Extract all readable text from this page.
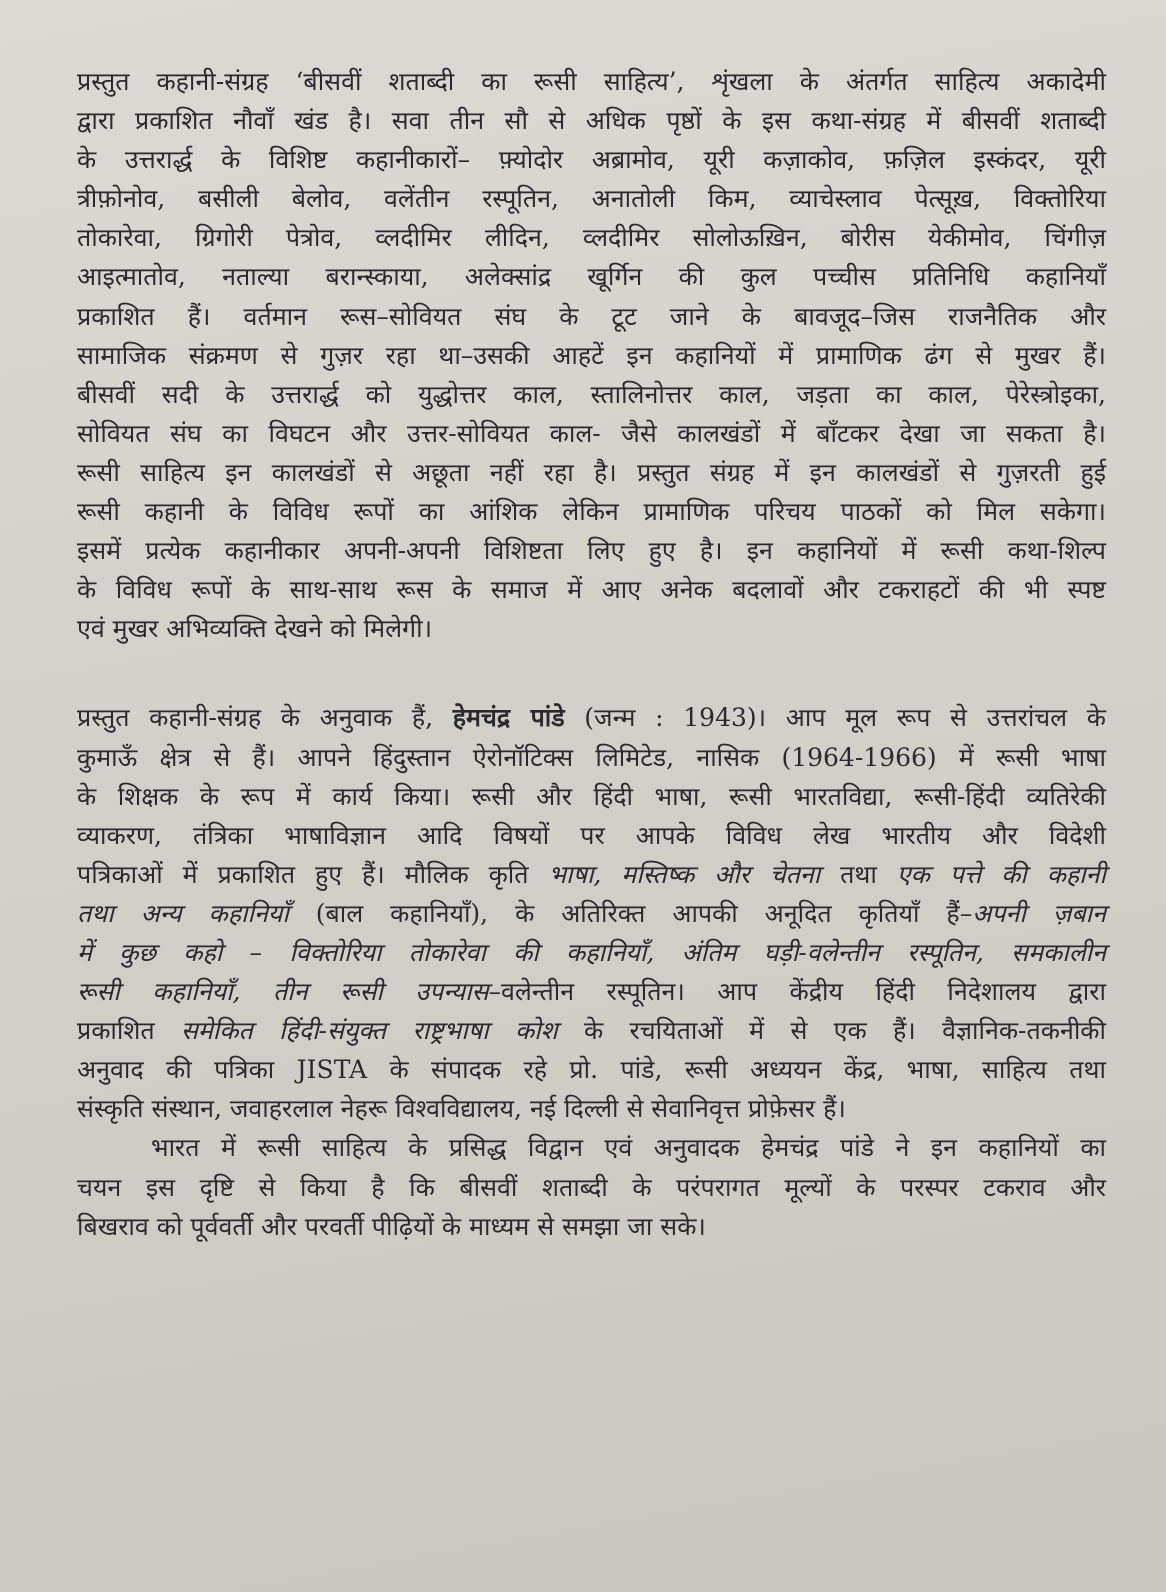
प्रस्तुत कहानी-संग्रह ‘बीसवीं शताब्दी का रूसी साहित्य’, शृंखला के अंतर्गत साहित्य अकादेमी
द्वारा प्रकाशित नौवाँ खंड है। सवा तीन सौ से अधिक पृष्ठों के इस कथा-संग्रह में बीसवीं शताब्दी
के उत्तरार्द्ध के विशिष्ट कहानीकारों– फ़्योदोर अब्रामोव, यूरी कज़ाकोव, फ़ज़िल इस्कंदर, यूरी
त्रीफ़ोनोव, बसीली बेलोव, वलेंतीन रस्पूतिन, अनातोली किम, व्याचेस्लाव पेत्सूख़, विक्तोरिया
तोकारेवा, ग्रिगोरी पेत्रोव, व्लदीमिर लीदिन, व्लदीमिर सोलोऊख़िन, बोरीस येकीमोव, चिंगीज़
आइत्मातोव, नताल्या बरान्स्काया, अलेक्सांद्र खूर्गिन की कुल पच्चीस प्रतिनिधि कहानियाँ
प्रकाशित हैं। वर्तमान रूस–सोवियत संघ के टूट जाने के बावजूद–जिस राजनैतिक और
सामाजिक संक्रमण से गुज़र रहा था–उसकी आहटें इन कहानियों में प्रामाणिक ढंग से मुखर हैं।
बीसवीं सदी के उत्तरार्द्ध को युद्धोत्तर काल, स्तालिनोत्तर काल, जड़ता का काल, पेरेस्त्रोइका,
सोवियत संघ का विघटन और उत्तर-सोवियत काल- जैसे कालखंडों में बाँटकर देखा जा सकता है।
रूसी साहित्य इन कालखंडों से अछूता नहीं रहा है। प्रस्तुत संग्रह में इन कालखंडों से गुज़रती हुई
रूसी कहानी के विविध रूपों का आंशिक लेकिन प्रामाणिक परिचय पाठकों को मिल सकेगा।
इसमें प्रत्येक कहानीकार अपनी-अपनी विशिष्टता लिए हुए है। इन कहानियों में रूसी कथा-शिल्प
के विविध रूपों के साथ-साथ रूस के समाज में आए अनेक बदलावों और टकराहटों की भी स्पष्ट
एवं मुखर अभिव्यक्ति देखने को मिलेगी।
प्रस्तुत कहानी-संग्रह के अनुवाक हैं, हेमचंद्र पांडे (जन्म : 1943)। आप मूल रूप से उत्तरांचल के
कुमाऊँ क्षेत्र से हैं। आपने हिंदुस्तान ऐरोनॉटिक्स लिमिटेड, नासिक (1964-1966) में रूसी भाषा
के शिक्षक के रूप में कार्य किया। रूसी और हिंदी भाषा, रूसी भारतविद्या, रूसी-हिंदी व्यतिरेकी
व्याकरण, तंत्रिका भाषाविज्ञान आदि विषयों पर आपके विविध लेख भारतीय और विदेशी
पत्रिकाओं में प्रकाशित हुए हैं। मौलिक कृति भाषा, मस्तिष्क और चेतना तथा एक पत्ते की कहानी
तथा अन्य कहानियाँ (बाल कहानियाँ), के अतिरिक्त आपकी अनूदित कृतियाँ हैं–अपनी ज़बान
में कुछ कहो – विक्तोरिया तोकारेवा की कहानियाँ, अंतिम घड़ी-वलेन्तीन रस्पूतिन, समकालीन
रूसी कहानियाँ, तीन रूसी उपन्यास–वलेन्तीन रस्पूतिन। आप केंद्रीय हिंदी निदेशालय द्वारा
प्रकाशित समेकित हिंदी-संयुक्त राष्ट्रभाषा कोश के रचयिताओं में से एक हैं। वैज्ञानिक-तकनीकी
अनुवाद की पत्रिका JISTA के संपादक रहे प्रो. पांडे, रूसी अध्ययन केंद्र, भाषा, साहित्य तथा
संस्कृति संस्थान, जवाहरलाल नेहरू विश्वविद्यालय, नई दिल्ली से सेवानिवृत्त प्रोफ़ेसर हैं।
भारत में रूसी साहित्य के प्रसिद्ध विद्वान एवं अनुवादक हेमचंद्र पांडे ने इन कहानियों का
चयन इस दृष्टि से किया है कि बीसवीं शताब्दी के परंपरागत मूल्यों के परस्पर टकराव और
बिखराव को पूर्ववर्ती और परवर्ती पीढ़ियों के माध्यम से समझा जा सके।
